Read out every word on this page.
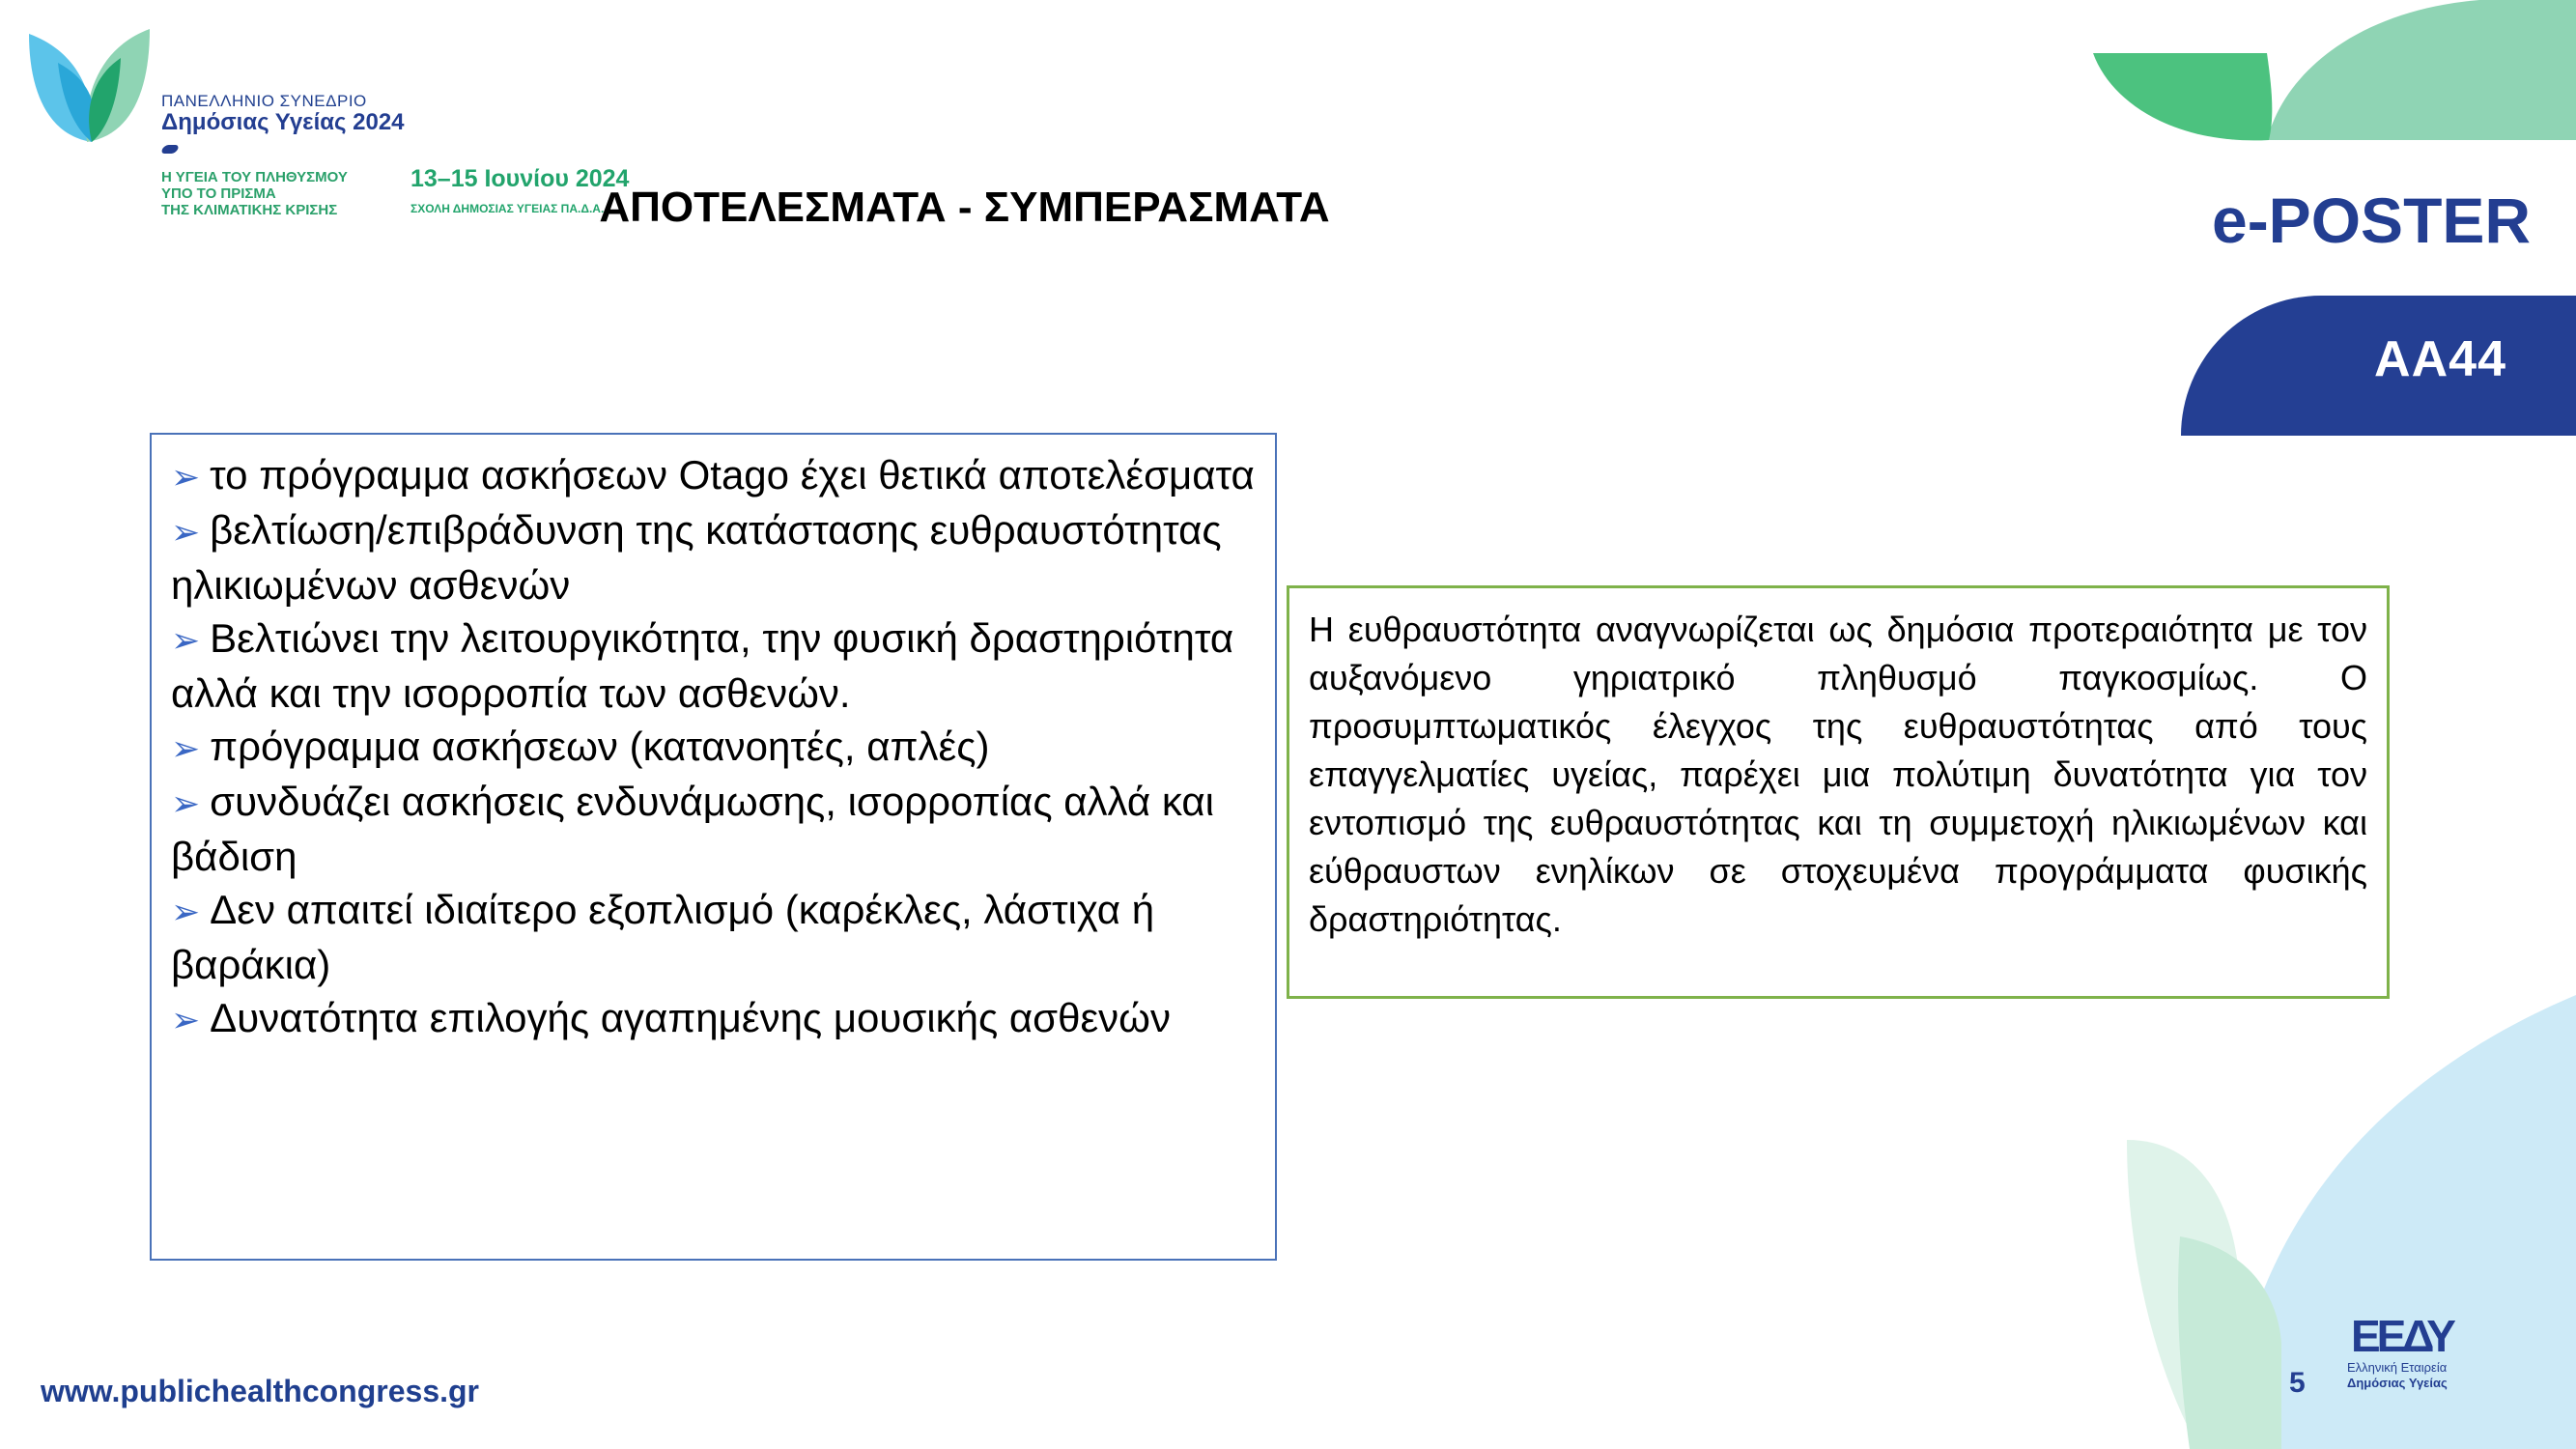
ΠΑΝΕΛΛΗΝΙΟ ΣΥΝΕΔΡΙΟ
Δημόσιας Υγείας 2024
Η ΥΓΕΙΑ ΤΟΥ ΠΛΗΘΥΣΜΟΥ
ΥΠΟ ΤΟ ΠΡΙΣΜΑ
ΤΗΣ ΚΛΙΜΑΤΙΚΗΣ ΚΡΙΣΗΣ
13–15 Ιουνίου 2024
ΣΧΟΛΗ ΔΗΜΟΣΙΑΣ ΥΓΕΙΑΣ ΠΑ.Δ.Α.
ΑΠΟΤΕΛΕΣΜΑΤΑ - ΣΥΜΠΕΡΑΣΜΑΤΑ	e-POSTER
ΑΑ44
➢ το πρόγραμμα ασκήσεων Otago έχει θετικά αποτελέσματα
➢ βελτίωση/επιβράδυνση της κατάστασης ευθραυστότητας ηλικιωμένων ασθενών
➢ Βελτιώνει την λειτουργικότητα, την φυσική δραστηριότητα αλλά και την ισορροπία των ασθενών.
➢ πρόγραμμα ασκήσεων (κατανοητές, απλές)
➢ συνδυάζει ασκήσεις ενδυνάμωσης, ισορροπίας αλλά και βάδιση
➢ Δεν απαιτεί ιδιαίτερο εξοπλισμό (καρέκλες, λάστιχα ή βαράκια)
➢ Δυνατότητα επιλογής αγαπημένης μουσικής ασθενών

Η ευθραυστότητα αναγνωρίζεται ως δημόσια προτεραιότητα με τον αυξανόμενο γηριατρικό πληθυσμό παγκοσμίως. Ο προσυμπτωματικός έλεγχος της ευθραυστότητας από τους επαγγελματίες υγείας, παρέχει μια πολύτιμη δυνατότητα για τον εντοπισμό της ευθραυστότητας και τη συμμετοχή ηλικιωμένων και εύθραυστων ενηλίκων σε στοχευμένα προγράμματα φυσικής δραστηριότητας.

www.publichealthcongress.gr	5
ΕΕΔΥ
Ελληνική Εταιρεία
Δημόσιας Υγείας
